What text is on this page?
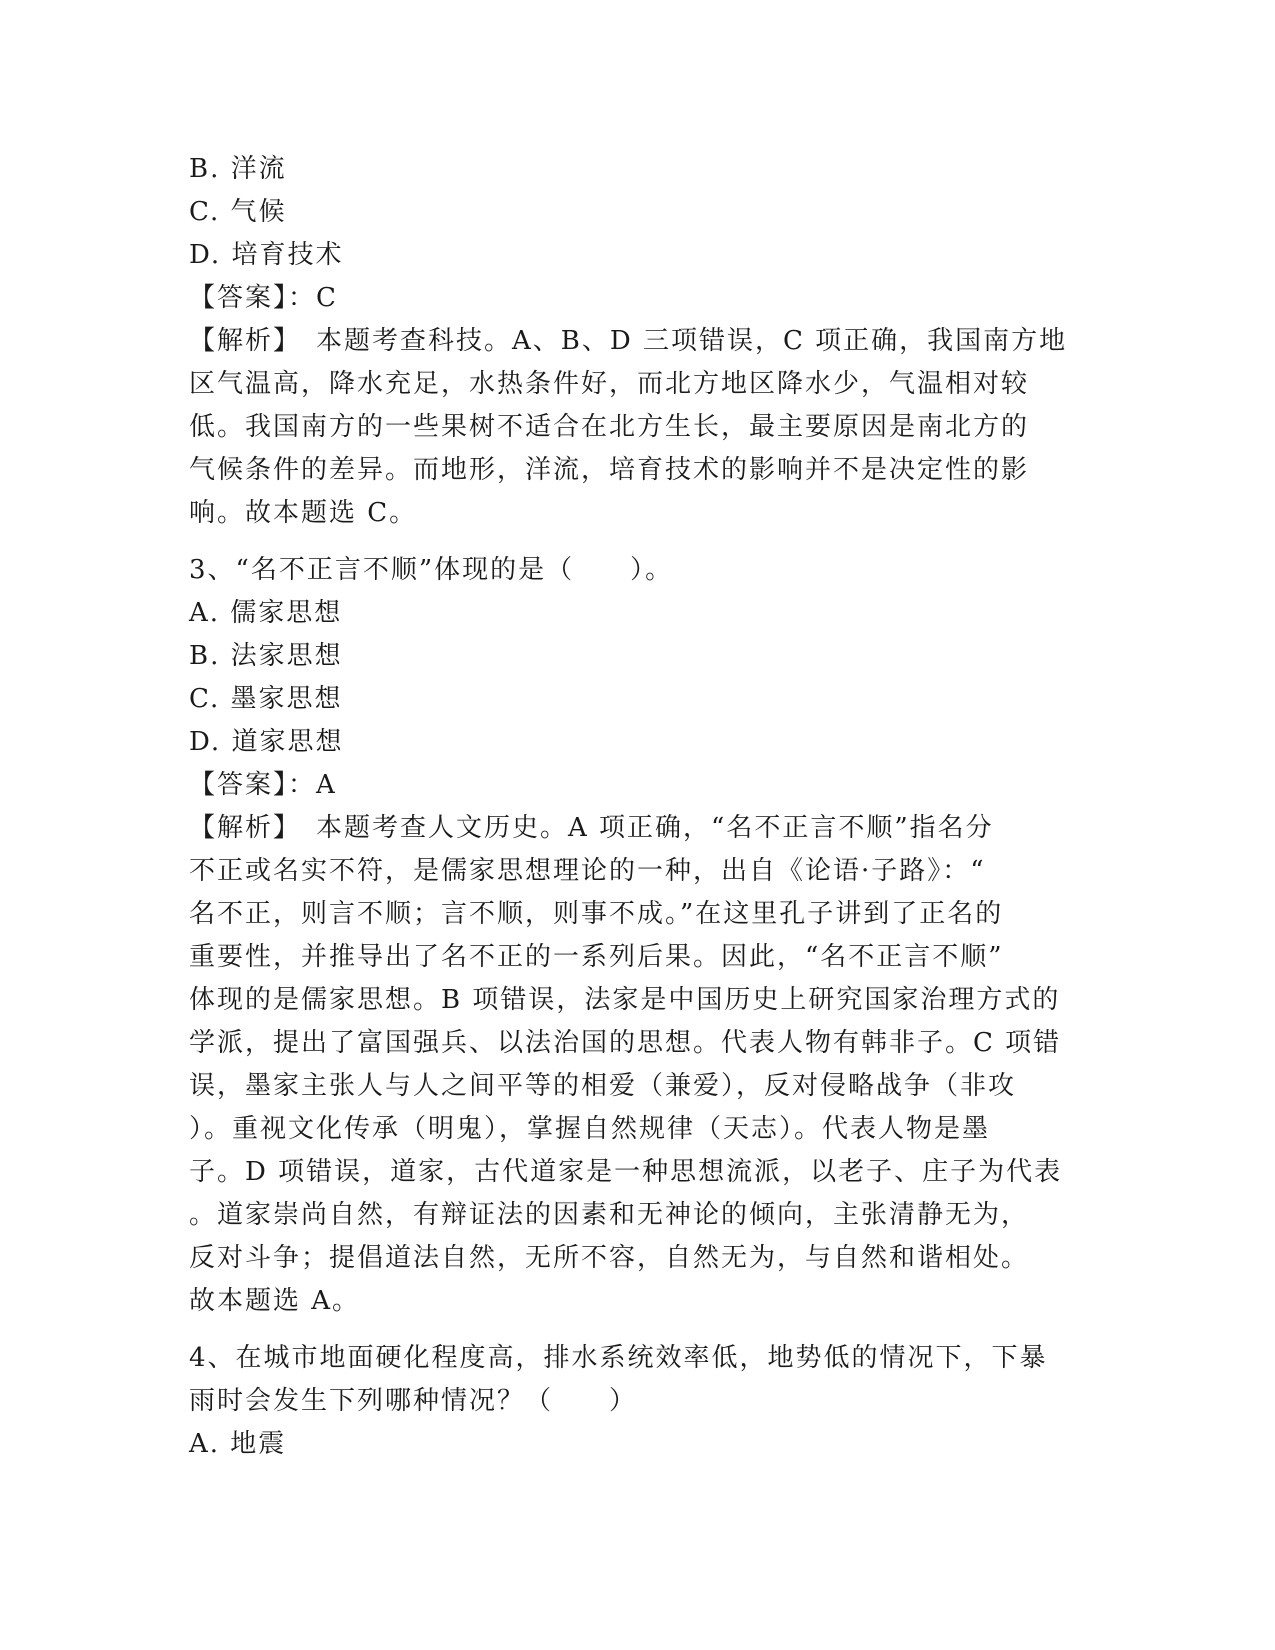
B. 洋流
C. 气候
D. 培育技术
【答案】：C
【解析】　本题考查科技。A、B、D 三项错误，C 项正确，我国南方地
区气温高，降水充足，水热条件好，而北方地区降水少，气温相对较
低。我国南方的一些果树不适合在北方生长，最主要原因是南北方的
气候条件的差异。而地形，洋流，培育技术的影响并不是决定性的影
响。故本题选 C。
3、“名不正言不顺”体现的是（　　）。
A. 儒家思想
B. 法家思想
C. 墨家思想
D. 道家思想
【答案】：A
【解析】　本题考查人文历史。A 项正确，“名不正言不顺”指名分
不正或名实不符，是儒家思想理论的一种，出自《论语·子路》：“
名不正，则言不顺；言不顺，则事不成。”在这里孔子讲到了正名的
重要性，并推导出了名不正的一系列后果。因此，“名不正言不顺”
体现的是儒家思想。B 项错误，法家是中国历史上研究国家治理方式的
学派，提出了富国强兵、以法治国的思想。代表人物有韩非子。C 项错
误，墨家主张人与人之间平等的相爱（兼爱），反对侵略战争（非攻
）。重视文化传承（明鬼），掌握自然规律（天志）。代表人物是墨
子。D 项错误，道家，古代道家是一种思想流派，以老子、庄子为代表
。道家崇尚自然，有辩证法的因素和无神论的倾向，主张清静无为，
反对斗争；提倡道法自然，无所不容，自然无为，与自然和谐相处。
故本题选 A。
4、在城市地面硬化程度高，排水系统效率低，地势低的情况下，下暴
雨时会发生下列哪种情况？（　　）
A. 地震
